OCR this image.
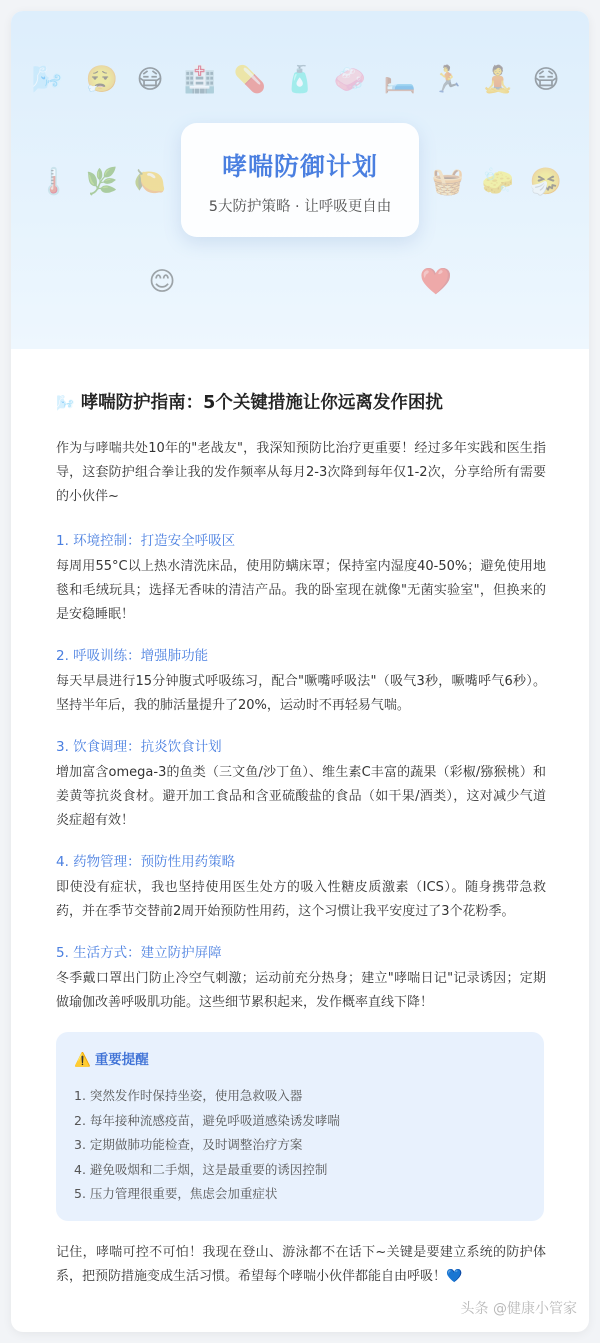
🌬️ 😮‍💨 😷 🏥 💊 🧴 🧼 🛏️ 🏃 🧘 😷
🌡️ 🌿 🍋	🧺 🧽 🤧
😊	❤️
哮喘防御计划
5大防护策略 · 让呼吸更自由
🌬️ 哮喘防护指南：5个关键措施让你远离发作困扰
作为与哮喘共处10年的"老战友"，我深知预防比治疗更重要！经过多年实践和医生指导，这套防护组合拳让我的发作频率从每月2-3次降到每年仅1-2次，分享给所有需要的小伙伴~
1. 环境控制：打造安全呼吸区
每周用55°C以上热水清洗床品，使用防螨床罩；保持室内湿度40-50%；避免使用地毯和毛绒玩具；选择无香味的清洁产品。我的卧室现在就像"无菌实验室"，但换来的是安稳睡眠！
2. 呼吸训练：增强肺功能
每天早晨进行15分钟腹式呼吸练习，配合"噘嘴呼吸法"（吸气3秒，噘嘴呼气6秒）。坚持半年后，我的肺活量提升了20%，运动时不再轻易气喘。
3. 饮食调理：抗炎饮食计划
增加富含omega-3的鱼类（三文鱼/沙丁鱼）、维生素C丰富的蔬果（彩椒/猕猴桃）和姜黄等抗炎食材。避开加工食品和含亚硫酸盐的食品（如干果/酒类），这对减少气道炎症超有效！
4. 药物管理：预防性用药策略
即使没有症状，我也坚持使用医生处方的吸入性糖皮质激素（ICS）。随身携带急救药，并在季节交替前2周开始预防性用药，这个习惯让我平安度过了3个花粉季。
5. 生活方式：建立防护屏障
冬季戴口罩出门防止冷空气刺激；运动前充分热身；建立"哮喘日记"记录诱因；定期做瑜伽改善呼吸肌功能。这些细节累积起来，发作概率直线下降！
⚠️ 重要提醒
1. 突然发作时保持坐姿，使用急救吸入器
2. 每年接种流感疫苗，避免呼吸道感染诱发哮喘
3. 定期做肺功能检查，及时调整治疗方案
4. 避免吸烟和二手烟，这是最重要的诱因控制
5. 压力管理很重要，焦虑会加重症状
记住，哮喘可控不可怕！我现在登山、游泳都不在话下~关键是要建立系统的防护体系，把预防措施变成生活习惯。希望每个哮喘小伙伴都能自由呼吸！💙
头条 @健康小管家
